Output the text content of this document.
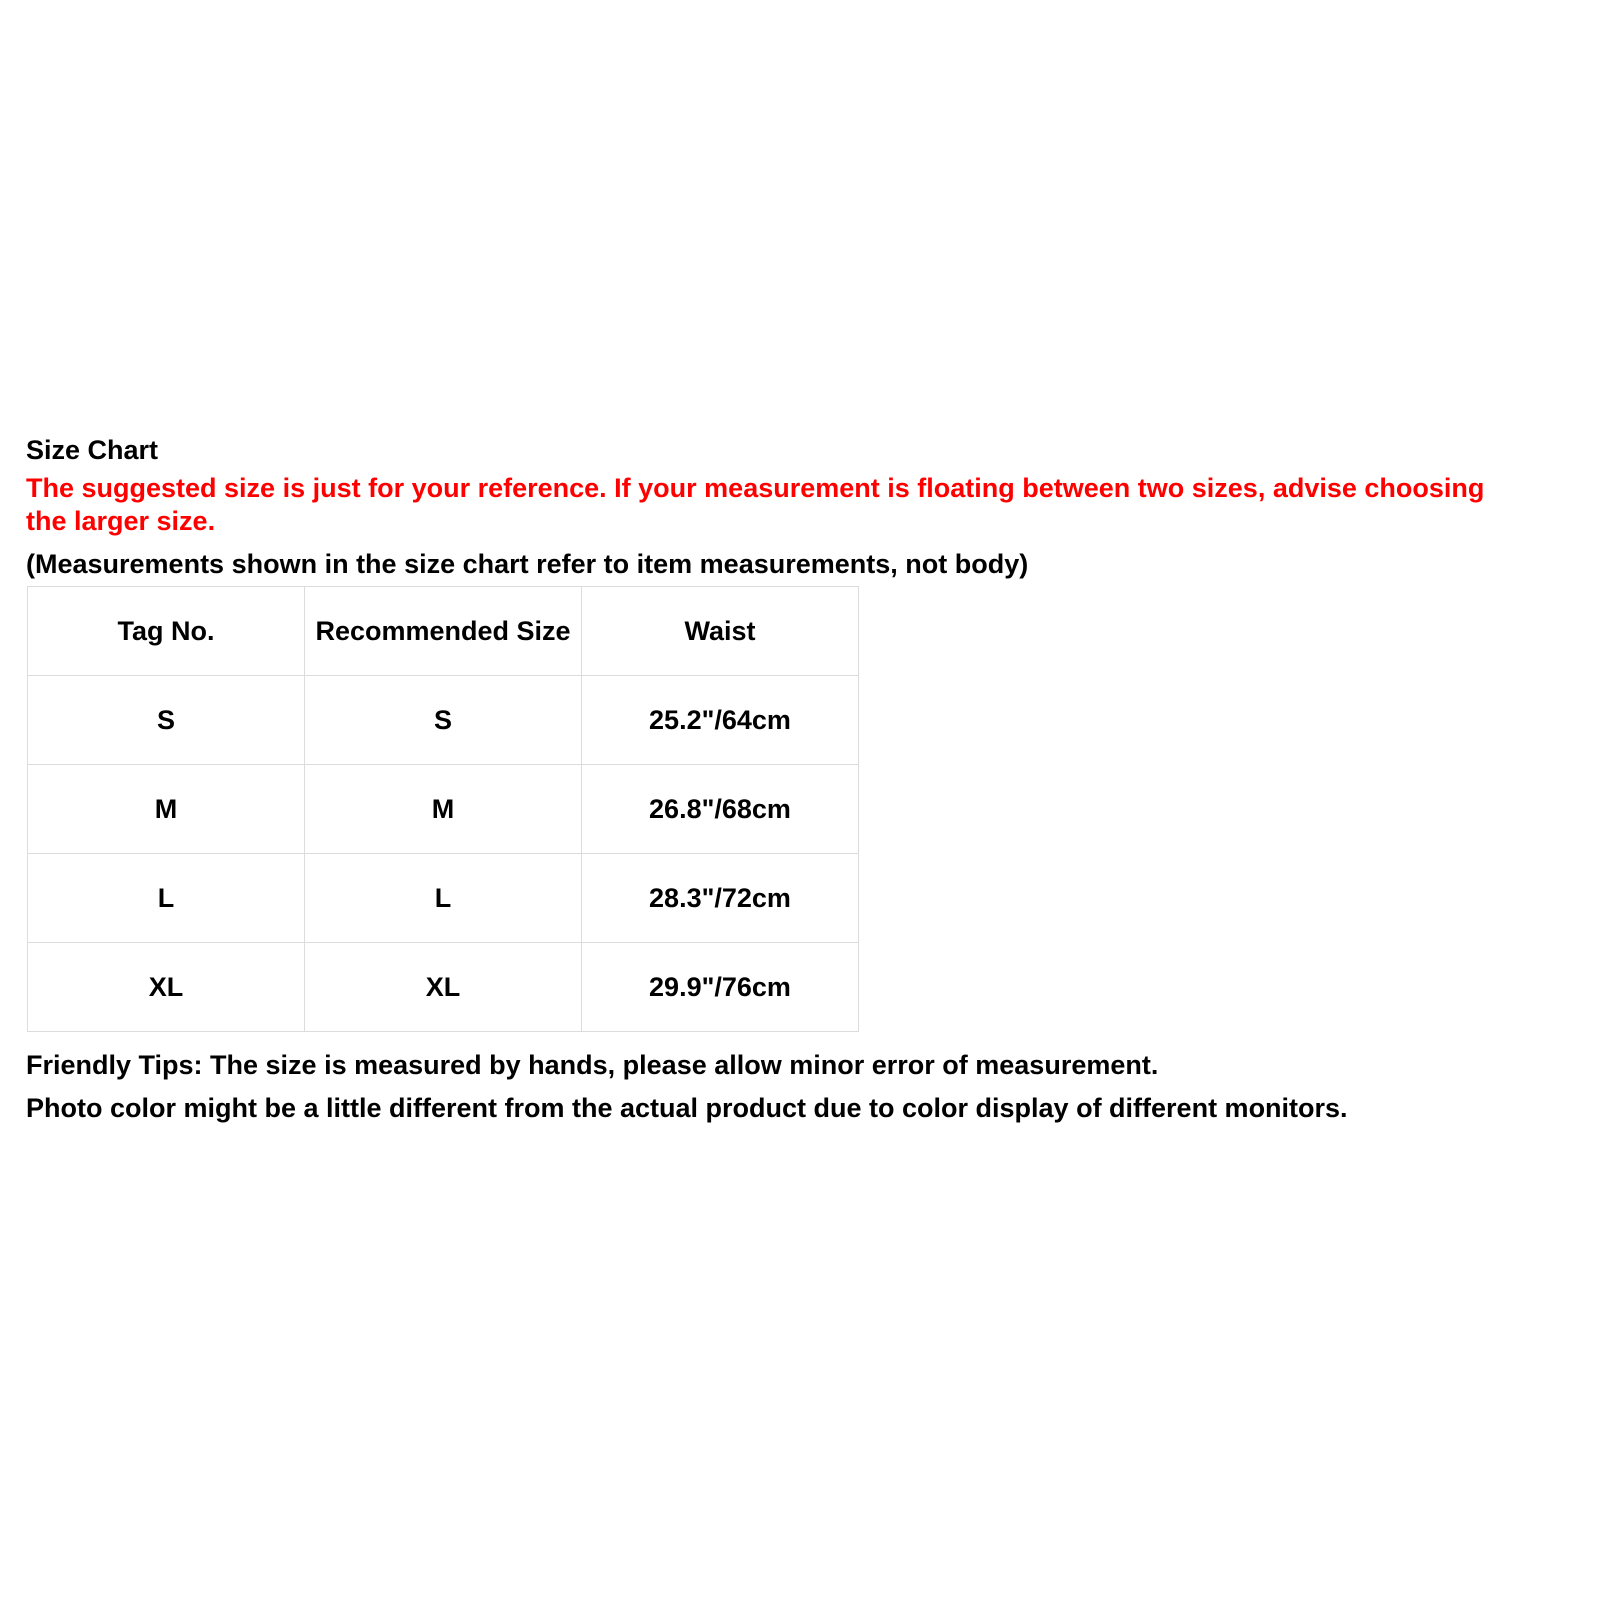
Size Chart
The suggested size is just for your reference. If your measurement is floating between two sizes, advise choosing
the larger size.
(Measurements shown in the size chart refer to item measurements, not body)
Tag No.	Recommended Size	Waist
S	S	25.2"/64cm
M	M	26.8"/68cm
L	L	28.3"/72cm
XL	XL	29.9"/76cm
Friendly Tips: The size is measured by hands, please allow minor error of measurement.
Photo color might be a little different from the actual product due to color display of different monitors.
